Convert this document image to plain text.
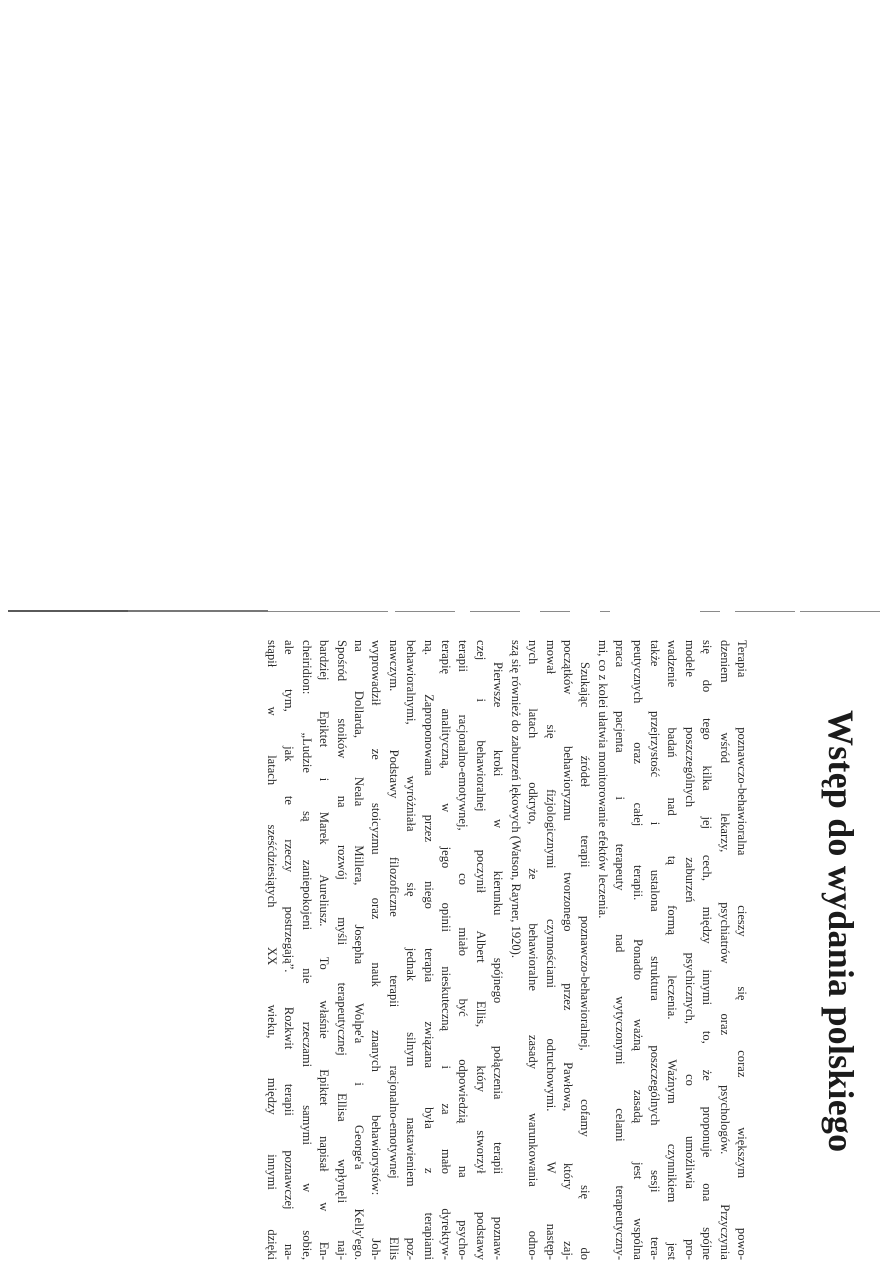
Wstęp do wydania polskiego

Terapia poznawczo-behawioralna cieszy się coraz większym powo-
dzeniem wśród lekarzy, psychiatrów oraz psychologów. Przyczynia
się do tego kilka jej cech, między innymi to, że proponuje ona spójne
modele poszczególnych zaburzeń psychicznych, co umożliwia pro-
wadzenie badań nad tą formą leczenia. Ważnym czynnikiem jest
także przejrzystość i ustalona struktura poszczególnych sesji tera-
peutycznych oraz całej terapii. Ponadto ważną zasadą jest wspólna
praca pacjenta i terapeuty nad wytyczonymi celami terapeutyczny-
mi, co z kolei ułatwia monitorowanie efektów leczenia.

Szukając źródeł terapii poznawczo-behawioralnej, cofamy się do
początków behawioryzmu tworzonego przez Pawłowa, który zaj-
mował się fizjologicznymi czynnościami odruchowymi. W następ-
nych latach odkryto, że behawioralne zasady warunkowania odno-
szą się również do zaburzeń lękowych (Watson, Rayner, 1920).

Pierwsze kroki w kierunku spójnego połączenia terapii poznaw-
czej i behawioralnej poczynił Albert Ellis, który stworzył podstawy
terapii racjonalno-emotywnej, co miało być odpowiedzią na psycho-
terapię analityczną, w jego opinii nieskuteczną i za mało dyrektyw-
ną. Zaproponowana przez niego terapia związana była z terapiami
behawioralnymi, wyróżniała się jednak silnym nastawieniem poz-
nawczym. Podstawy filozoficzne terapii racjonalno-emotywnej Ellis
wyprowadził ze stoicyzmu oraz nauk znanych behawiorystów: Joh-
na Dollarda, Neala Millera, Josepha Wolpe'a i George'a Kelly'ego.
Spośród stoików na rozwój myśli terapeutycznej Ellisa wpłynęli naj-
bardziej Epiktet i Marek Aureliusz. To właśnie Epiktet napisał w En-
cheiridion: „Ludzie są zaniepokojeni nie rzeczami samymi w sobie,
ale tym, jak te rzeczy postrzegają”. Rozkwit terapii poznawczej na-
stąpił w latach sześćdziesiątych XX wieku, między innymi dzięki
